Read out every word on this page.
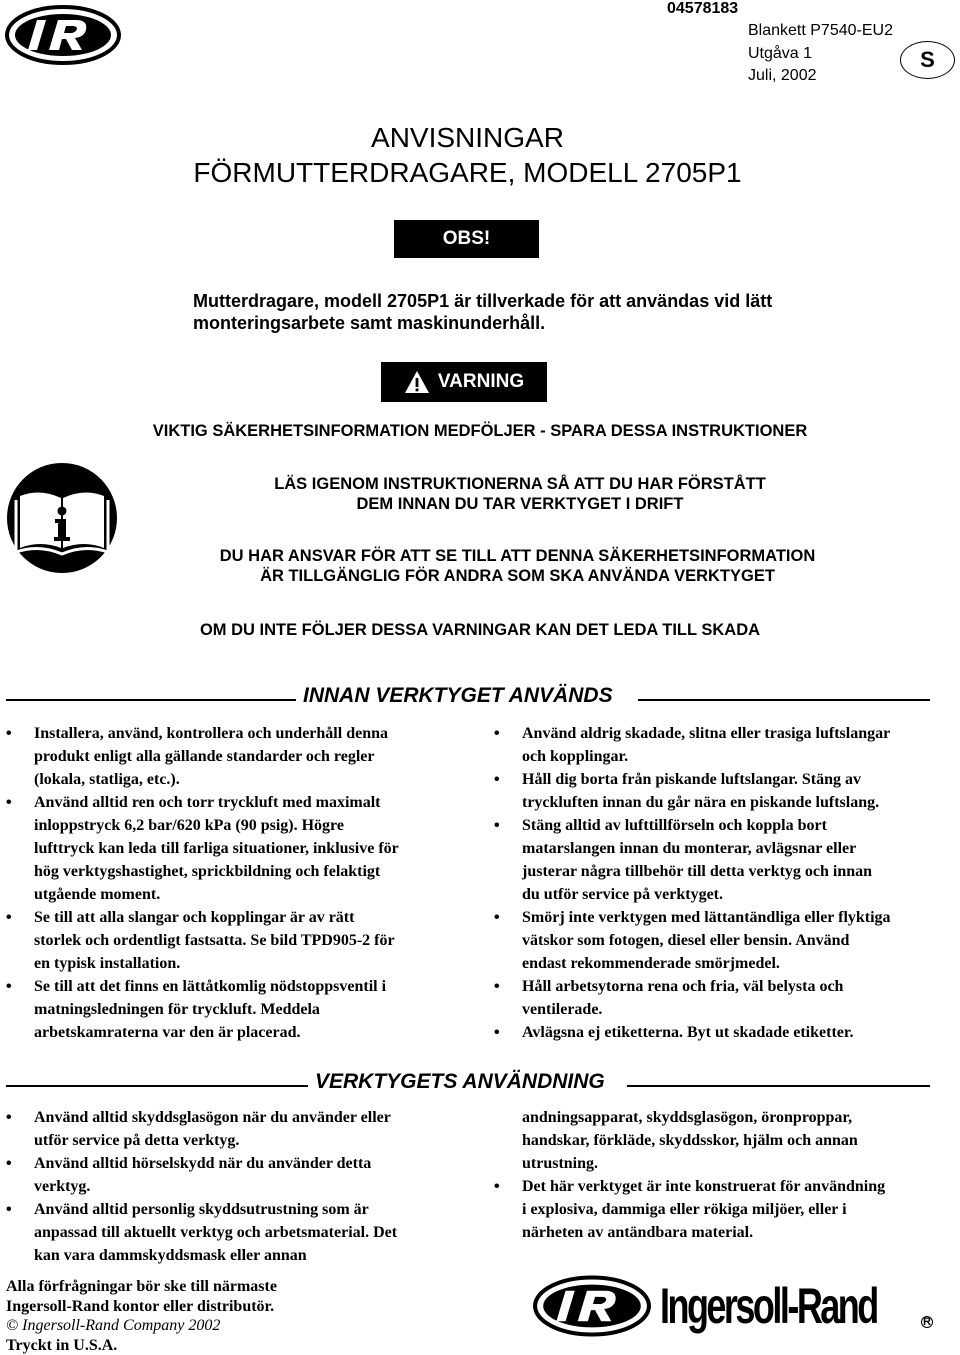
04578183
Blankett P7540-EU2
Utgåva 1
Juli, 2002
S
ANVISNINGAR
FÖRMUTTERDRAGARE, MODELL 2705P1
OBS!
Mutterdragare, modell 2705P1 är tillverkade för att användas vid lätt
monteringsarbete samt maskinunderhåll.
VARNING
VIKTIG SÄKERHETSINFORMATION MEDFÖLJER - SPARA DESSA INSTRUKTIONER
LÄS IGENOM INSTRUKTIONERNA SÅ ATT DU HAR FÖRSTÅTT
DEM INNAN DU TAR VERKTYGET I DRIFT
DU HAR ANSVAR FÖR ATT SE TILL ATT DENNA SÄKERHETSINFORMATION
ÄR TILLGÄNGLIG FÖR ANDRA SOM SKA ANVÄNDA VERKTYGET
OM DU INTE FÖLJER DESSA VARNINGAR KAN DET LEDA TILL SKADA
INNAN VERKTYGET ANVÄNDS
• Installera, använd, kontrollera och underhåll denna
produkt enligt alla gällande standarder och regler
(lokala, statliga, etc.).
• Använd alltid ren och torr tryckluft med maximalt
inloppstryck 6,2 bar/620 kPa (90 psig). Högre
lufttryck kan leda till farliga situationer, inklusive för
hög verktygshastighet, sprickbildning och felaktigt
utgående moment.
• Se till att alla slangar och kopplingar är av rätt
storlek och ordentligt fastsatta. Se bild TPD905-2 för
en typisk installation.
• Se till att det finns en lättåtkomlig nödstoppsventil i
matningsledningen för tryckluft. Meddela
arbetskamraterna var den är placerad.
• Använd aldrig skadade, slitna eller trasiga luftslangar
och kopplingar.
• Håll dig borta från piskande luftslangar. Stäng av
tryckluften innan du går nära en piskande luftslang.
• Stäng alltid av lufttillförseln och koppla bort
matarslangen innan du monterar, avlägsnar eller
justerar några tillbehör till detta verktyg och innan
du utför service på verktyget.
• Smörj inte verktygen med lättantändliga eller flyktiga
vätskor som fotogen, diesel eller bensin. Använd
endast rekommenderade smörjmedel.
• Håll arbetsytorna rena och fria, väl belysta och
ventilerade.
• Avlägsna ej etiketterna. Byt ut skadade etiketter.
VERKTYGETS ANVÄNDNING
• Använd alltid skyddsglasögon när du använder eller
utför service på detta verktyg.
• Använd alltid hörselskydd när du använder detta
verktyg.
• Använd alltid personlig skyddsutrustning som är
anpassad till aktuellt verktyg och arbetsmaterial. Det
kan vara dammskyddsmask eller annan
andningsapparat, skyddsglasögon, öronproppar,
handskar, förkläde, skyddsskor, hjälm och annan
utrustning.
• Det här verktyget är inte konstruerat för användning
i explosiva, dammiga eller rökiga miljöer, eller i
närheten av antändbara material.
Alla förfrågningar bör ske till närmaste
Ingersoll-Rand kontor eller distributör.
© Ingersoll-Rand Company 2002
Tryckt in U.S.A.
Ingersoll-Rand	R
